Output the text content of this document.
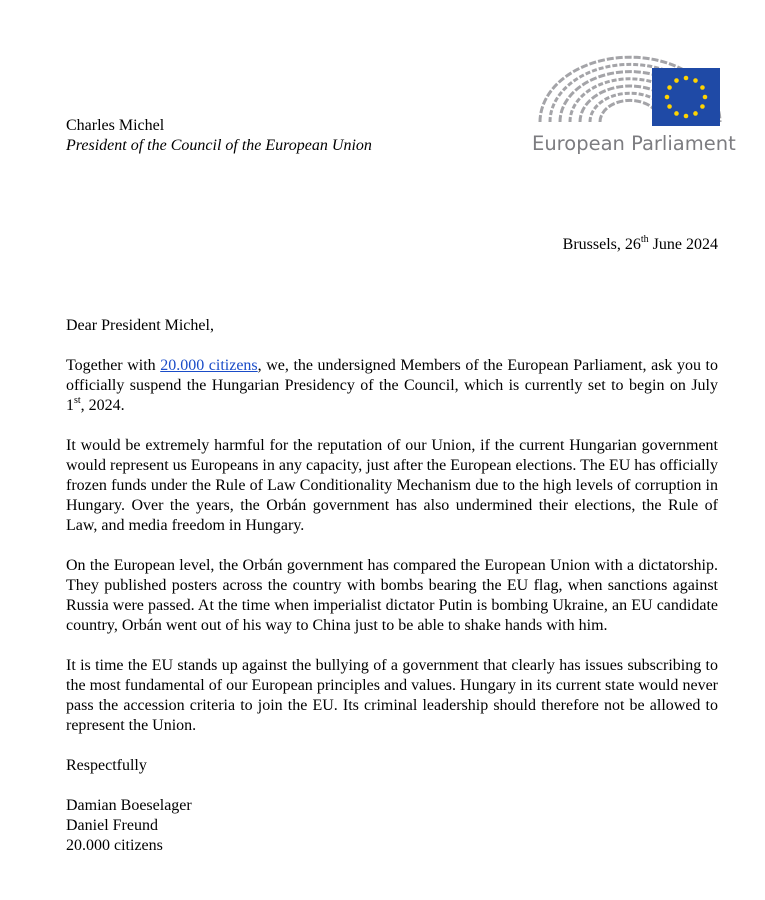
European Parliament
Charles Michel
President of the Council of the European Union
Brussels, 26th June 2024

Dear President Michel,

Together with 20.000 citizens, we, the undersigned Members of the European Parliament, ask you to officially suspend the Hungarian Presidency of the Council, which is currently set to begin on July 1st, 2024.

It would be extremely harmful for the reputation of our Union, if the current Hungarian government would represent us Europeans in any capacity, just after the European elections. The EU has officially frozen funds under the Rule of Law Conditionality Mechanism due to the high levels of corruption in Hungary. Over the years, the Orbán government has also undermined their elections, the Rule of Law, and media freedom in Hungary.

On the European level, the Orbán government has compared the European Union with a dictatorship. They published posters across the country with bombs bearing the EU flag, when sanctions against Russia were passed. At the time when imperialist dictator Putin is bombing Ukraine, an EU candidate country, Orbán went out of his way to China just to be able to shake hands with him.

It is time the EU stands up against the bullying of a government that clearly has issues subscribing to the most fundamental of our European principles and values. Hungary in its current state would never pass the accession criteria to join the EU. Its criminal leadership should therefore not be allowed to represent the Union.

Respectfully
Damian Boeselager
Daniel Freund
20.000 citizens
